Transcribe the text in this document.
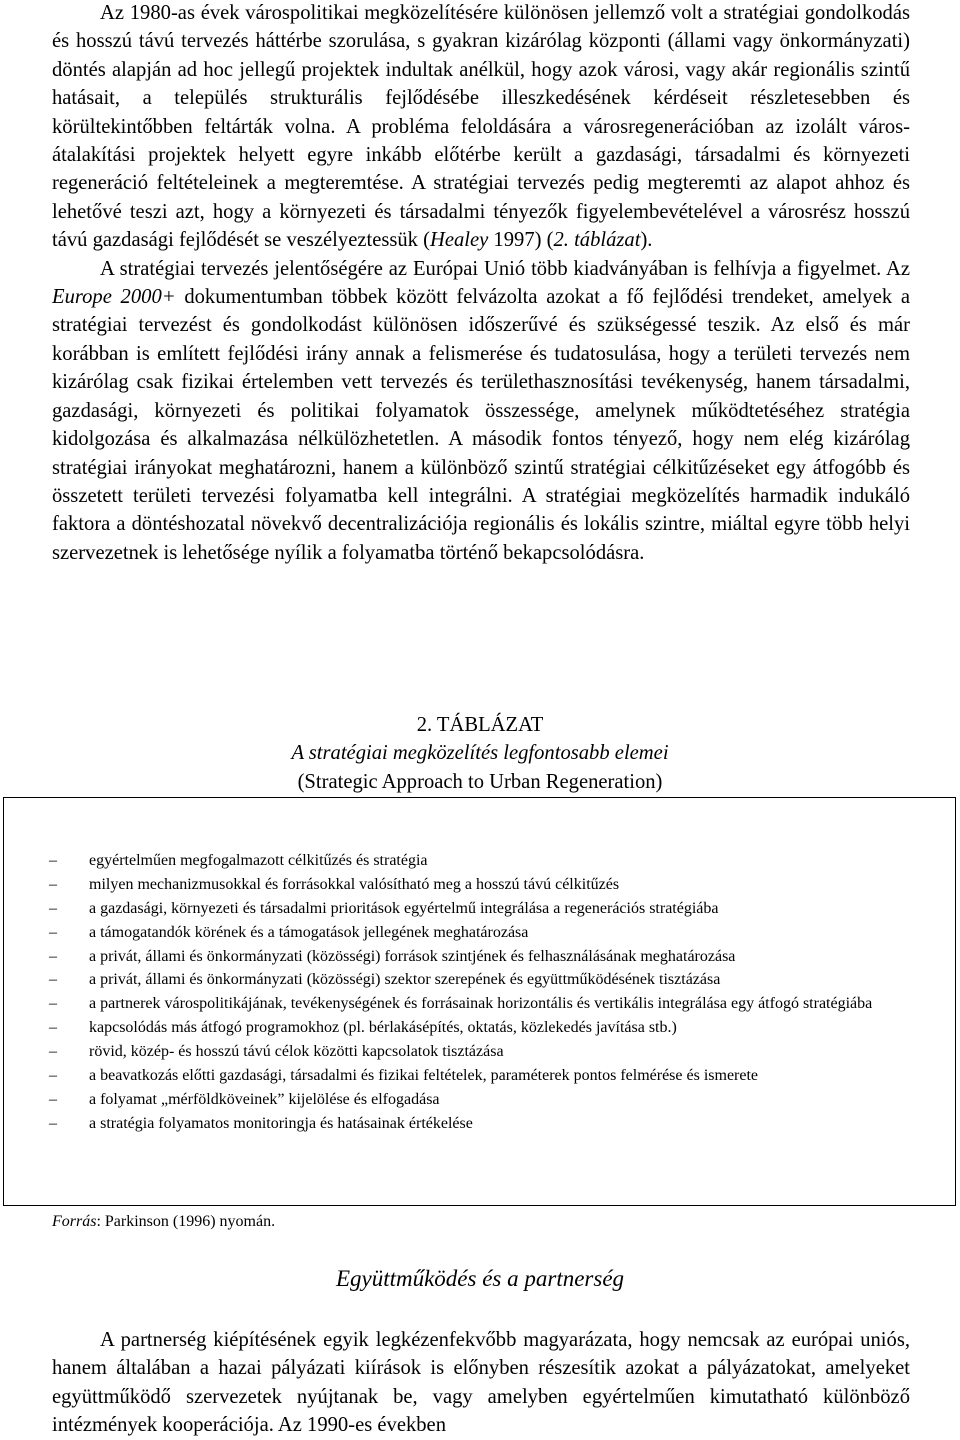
Az 1980-as évek várospolitikai megközelítésére különösen jellemző volt a stratégiai gondolkodás és hosszú távú tervezés háttérbe szorulása, s gyakran kizárólag központi (állami vagy önkormányzati) döntés alapján ad hoc jellegű projektek indultak anélkül, hogy azok városi, vagy akár regionális szintű hatásait, a település strukturális fejlődésébe illeszkedésének kérdéseit részletesebben és körültekintőbben feltárták volna. A probléma feloldására a városregenerációban az izolált város-átalakítási projektek helyett egyre inkább előtérbe került a gazdasági, társadalmi és környezeti regeneráció feltételeinek a megteremtése. A stratégiai tervezés pedig megteremti az alapot ahhoz és lehetővé teszi azt, hogy a környezeti és társadalmi tényezők figyelembevételével a városrész hosszú távú gazdasági fejlődését se veszélyeztessük (Healey 1997) (2. táblázat).

A stratégiai tervezés jelentőségére az Európai Unió több kiadványában is felhívja a figyelmet. Az Europe 2000+ dokumentumban többek között felvázolta azokat a fő fejlődési trendeket, amelyek a stratégiai tervezést és gondolkodást különösen időszerűvé és szükségessé teszik. Az első és már korábban is említett fejlődési irány annak a felismerése és tudatosulása, hogy a területi tervezés nem kizárólag csak fizikai értelemben vett tervezés és területhasznosítási tevékenység, hanem társadalmi, gazdasági, környezeti és politikai folyamatok összessége, amelynek működtetéséhez stratégia kidolgozása és alkalmazása nélkülözhetetlen. A második fontos tényező, hogy nem elég kizárólag stratégiai irányokat meghatározni, hanem a különböző szintű stratégiai célkitűzéseket egy átfogóbb és összetett területi tervezési folyamatba kell integrálni. A stratégiai megközelítés harmadik indukáló faktora a döntéshozatal növekvő decentralizációja regionális és lokális szintre, miáltal egyre több helyi szervezetnek is lehetősége nyílik a folyamatba történő bekapcsolódásra.

2. TÁBLÁZAT
A stratégiai megközelítés legfontosabb elemei
(Strategic Approach to Urban Regeneration)
– egyértelműen megfogalmazott célkitűzés és stratégia
– milyen mechanizmusokkal és forrásokkal valósítható meg a hosszú távú célkitűzés
– a gazdasági, környezeti és társadalmi prioritások egyértelmű integrálása a regenerációs stratégiába
– a támogatandók körének és a támogatások jellegének meghatározása
– a privát, állami és önkormányzati (közösségi) források szintjének és felhasználásának meghatározása
– a privát, állami és önkormányzati (közösségi) szektor szerepének és együttműködésének tisztázása
– a partnerek várospolitikájának, tevékenységének és forrásainak horizontális és vertikális integrálása egy átfogó stratégiába
– kapcsolódás más átfogó programokhoz (pl. bérlakásépítés, oktatás, közlekedés javítása stb.)
– rövid, közép- és hosszú távú célok közötti kapcsolatok tisztázása
– a beavatkozás előtti gazdasági, társadalmi és fizikai feltételek, paraméterek pontos felmérése és ismerete
– a folyamat „mérföldköveinek” kijelölése és elfogadása
– a stratégia folyamatos monitoringja és hatásainak értékelése
Forrás: Parkinson (1996) nyomán.
Együttműködés és a partnerség

A partnerség kiépítésének egyik legkézenfekvőbb magyarázata, hogy nemcsak az európai uniós, hanem általában a hazai pályázati kiírások is előnyben részesítik azokat a pályázatokat, amelyeket együttműködő szervezetek nyújtanak be, vagy amelyben egyértelműen kimutatható különböző intézmények kooperációja. Az 1990-es években
